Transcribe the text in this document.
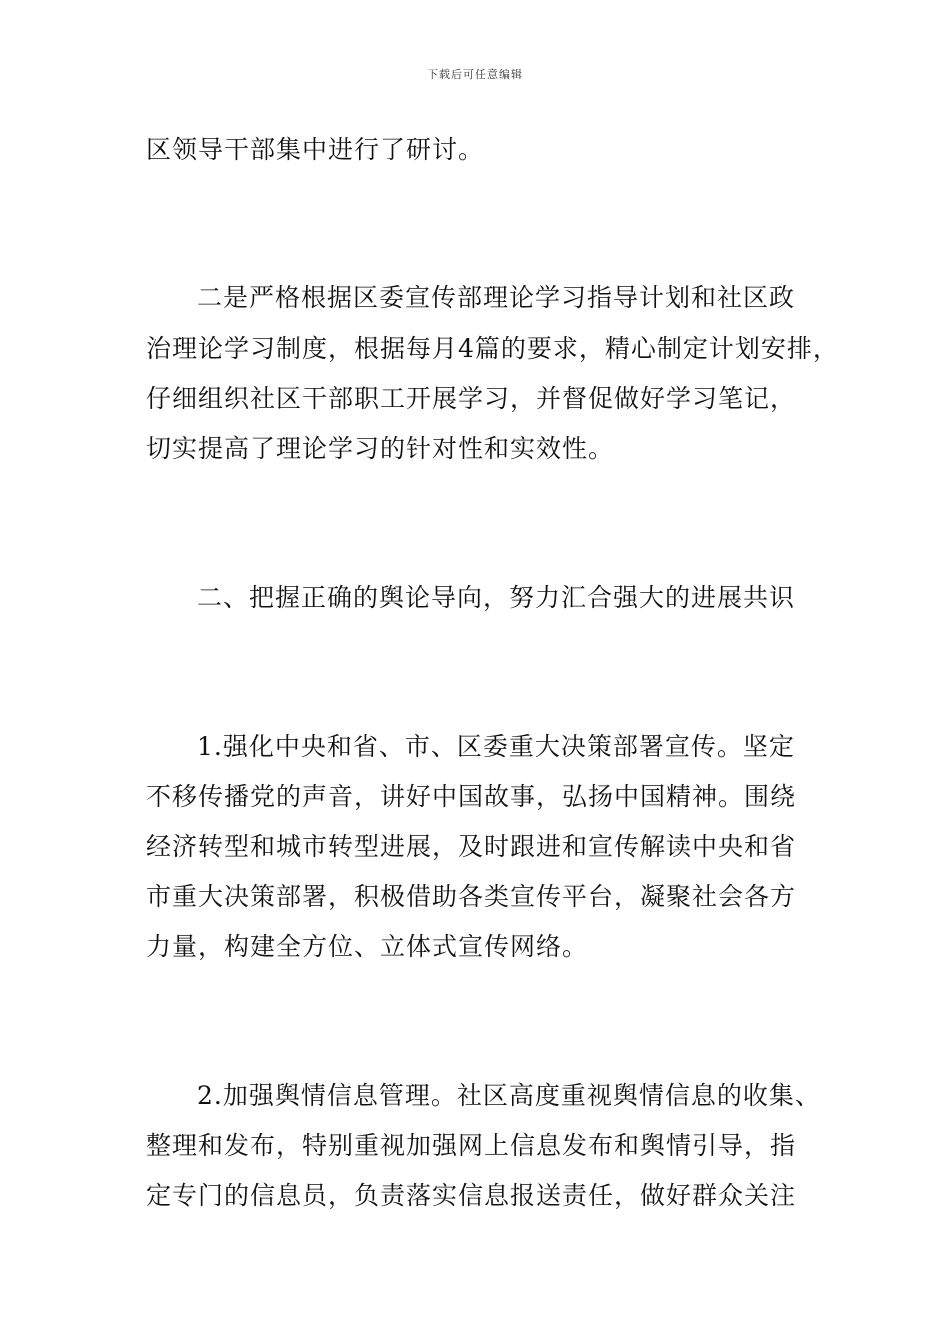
下载后可任意编辑
区领导干部集中进行了研讨。
二是严格根据区委宣传部理论学习指导计划和社区政
治理论学习制度，根据每月4篇的要求，精心制定计划安排，
仔细组织社区干部职工开展学习，并督促做好学习笔记，
切实提高了理论学习的针对性和实效性。
二、把握正确的舆论导向，努力汇合强大的进展共识
1.强化中央和省、市、区委重大决策部署宣传。坚定
不移传播党的声音，讲好中国故事，弘扬中国精神。围绕
经济转型和城市转型进展，及时跟进和宣传解读中央和省
市重大决策部署，积极借助各类宣传平台，凝聚社会各方
力量，构建全方位、立体式宣传网络。
2.加强舆情信息管理。社区高度重视舆情信息的收集、
整理和发布，特别重视加强网上信息发布和舆情引导，指
定专门的信息员，负责落实信息报送责任，做好群众关注
